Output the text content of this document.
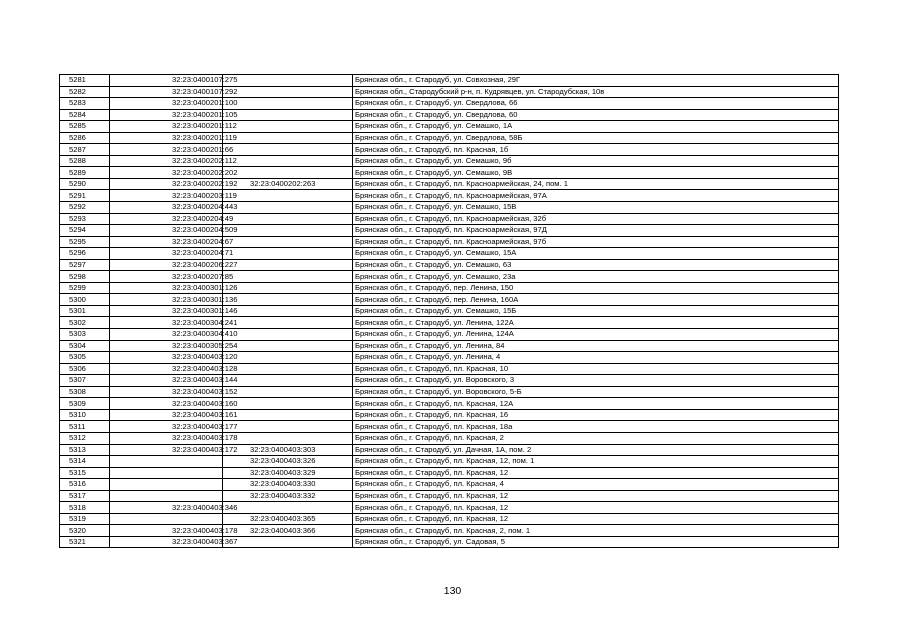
5281	32:23:0400107:275		Брянская обл., г. Стародуб, ул. Совхозная, 29Г
5282	32:23:0400107:292		Брянская обл., Стародубский р-н, п. Кудрявцев, ул. Стародубская, 10в
5283	32:23:0400201:100		Брянская обл., г. Стародуб, ул. Свердлова, 66
5284	32:23:0400201:105		Брянская обл., г. Стародуб, ул. Свердлова, 60
5285	32:23:0400201:112		Брянская обл., г. Стародуб, ул. Семашко, 1А
5286	32:23:0400201:119		Брянская обл., г. Стародуб, ул. Свердлова, 58Б
5287	32:23:0400201:66		Брянская обл., г. Стародуб, пл. Красная, 1б
5288	32:23:0400202:112		Брянская обл., г. Стародуб, ул. Семашко, 9б
5289	32:23:0400202:202		Брянская обл., г. Стародуб, ул. Семашко, 9В
5290	32:23:0400202:192	32:23:0400202:263	Брянская обл., г. Стародуб, пл. Красноармейская, 24, пом. 1
5291	32:23:0400203:119		Брянская обл., г. Стародуб, пл. Красноармейская, 97А
5292	32:23:0400204:443		Брянская обл., г. Стародуб, ул. Семашко, 15В
5293	32:23:0400204:49		Брянская обл., г. Стародуб, пл. Красноармейская, 32б
5294	32:23:0400204:509		Брянская обл., г. Стародуб, пл. Красноармейская, 97Д
5295	32:23:0400204:67		Брянская обл., г. Стародуб, пл. Красноармейская, 97б
5296	32:23:0400204:71		Брянская обл., г. Стародуб, ул. Семашко, 15А
5297	32:23:0400206:227		Брянская обл., г. Стародуб, ул. Семашко, 63
5298	32:23:0400207:85		Брянская обл., г. Стародуб, ул. Семашко, 23а
5299	32:23:0400301:126		Брянская обл., г. Стародуб, пер. Ленина, 150
5300	32:23:0400301:136		Брянская обл., г. Стародуб, пер. Ленина, 160А
5301	32:23:0400301:146		Брянская обл., г. Стародуб, ул. Семашко, 15Б
5302	32:23:0400304:241		Брянская обл., г. Стародуб, ул. Ленина, 122А
5303	32:23:0400304:410		Брянская обл., г. Стародуб, ул. Ленина, 124А
5304	32:23:0400305:254		Брянская обл., г. Стародуб, ул. Ленина, 84
5305	32:23:0400403:120		Брянская обл., г. Стародуб, ул. Ленина, 4
5306	32:23:0400403:128		Брянская обл., г. Стародуб, пл. Красная, 10
5307	32:23:0400403:144		Брянская обл., г. Стародуб, ул. Воровского, 3
5308	32:23:0400403:152		Брянская обл., г. Стародуб, ул. Воровского, 5-Б
5309	32:23:0400403:160		Брянская обл., г. Стародуб, пл. Красная, 12А
5310	32:23:0400403:161		Брянская обл., г. Стародуб, пл. Красная, 16
5311	32:23:0400403:177		Брянская обл., г. Стародуб, пл. Красная, 18а
5312	32:23:0400403:178		Брянская обл., г. Стародуб, пл. Красная, 2
5313	32:23:0400403:172	32:23:0400403:303	Брянская обл., г. Стародуб, ул. Дачная, 1А, пом. 2
5314		32:23:0400403:326	Брянская обл., г. Стародуб, пл. Красная, 12, пом. 1
5315		32:23:0400403:329	Брянская обл., г. Стародуб, пл. Красная, 12
5316		32:23:0400403:330	Брянская обл., г. Стародуб, пл. Красная, 4
5317		32:23:0400403:332	Брянская обл., г. Стародуб, пл. Красная, 12
5318	32:23:0400403:346		Брянская обл., г. Стародуб, пл. Красная, 12
5319		32:23:0400403:365	Брянская обл., г. Стародуб, пл. Красная, 12
5320	32:23:0400403:178	32:23:0400403:366	Брянская обл., г. Стародуб, пл. Красная, 2, пом. 1
5321	32:23:0400403:367		Брянская обл., г. Стародуб, ул. Садовая, 5
130
